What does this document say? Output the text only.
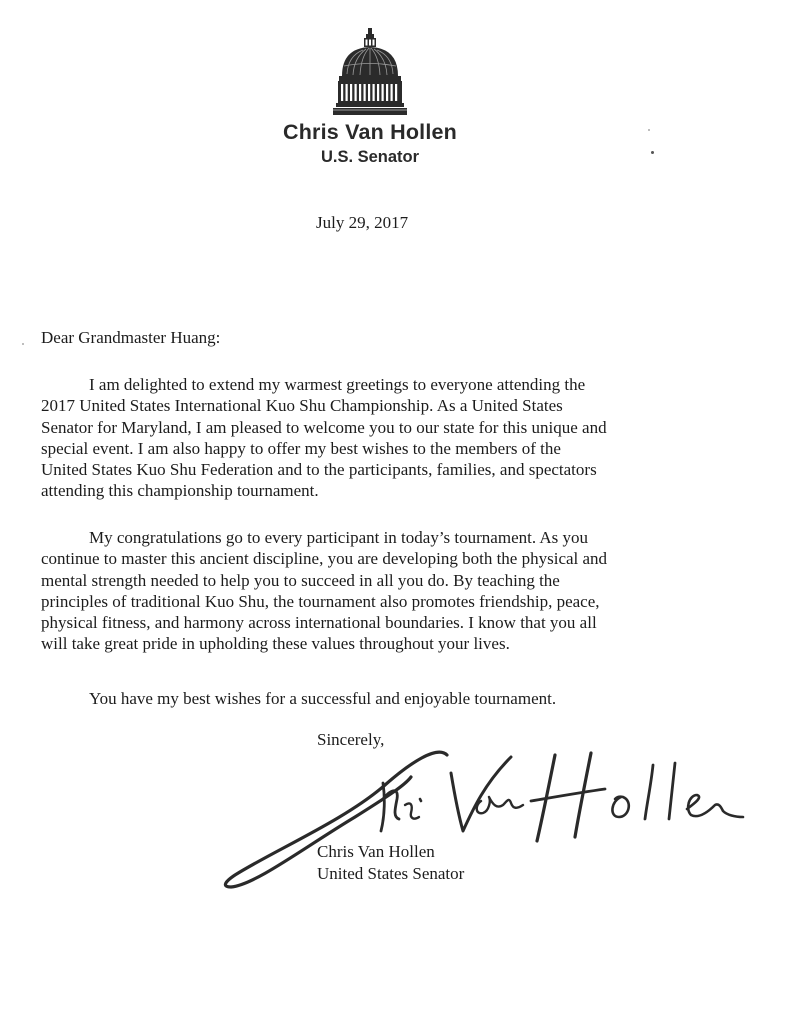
Chris Van Hollen
U.S. Senator
July 29, 2017
Dear Grandmaster Huang:
I am delighted to extend my warmest greetings to everyone attending the
2017 United States International Kuo Shu Championship. As a United States
Senator for Maryland, I am pleased to welcome you to our state for this unique and
special event. I am also happy to offer my best wishes to the members of the
United States Kuo Shu Federation and to the participants, families, and spectators
attending this championship tournament.
My congratulations go to every participant in today’s tournament. As you
continue to master this ancient discipline, you are developing both the physical and
mental strength needed to help you to succeed in all you do. By teaching the
principles of traditional Kuo Shu, the tournament also promotes friendship, peace,
physical fitness, and harmony across international boundaries. I know that you all
will take great pride in upholding these values throughout your lives.
You have my best wishes for a successful and enjoyable tournament.
Sincerely,
Chris Van Hollen
United States Senator
